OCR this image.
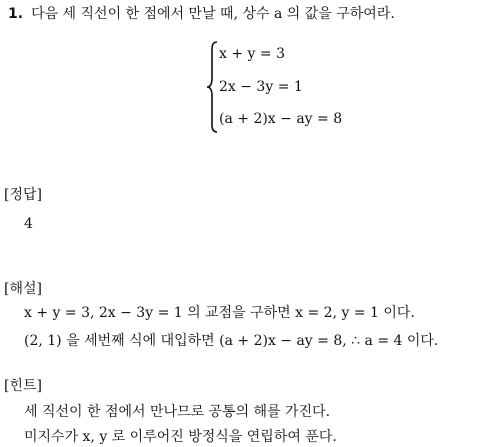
1. 다음 세 직선이 한 점에서 만날 때, 상수 a 의 값을 구하여라.
x + y = 3
2x − 3y = 1
(a + 2)x − ay = 8
[정답]
4
[해설]
x + y = 3, 2x − 3y = 1 의 교점을 구하면 x = 2, y = 1 이다.
(2, 1) 을 세번째 식에 대입하면 (a + 2)x − ay = 8, ∴ a = 4 이다.
[힌트]
세 직선이 한 점에서 만나므로 공통의 해를 가진다.
미지수가 x, y 로 이루어진 방정식을 연립하여 푼다.
